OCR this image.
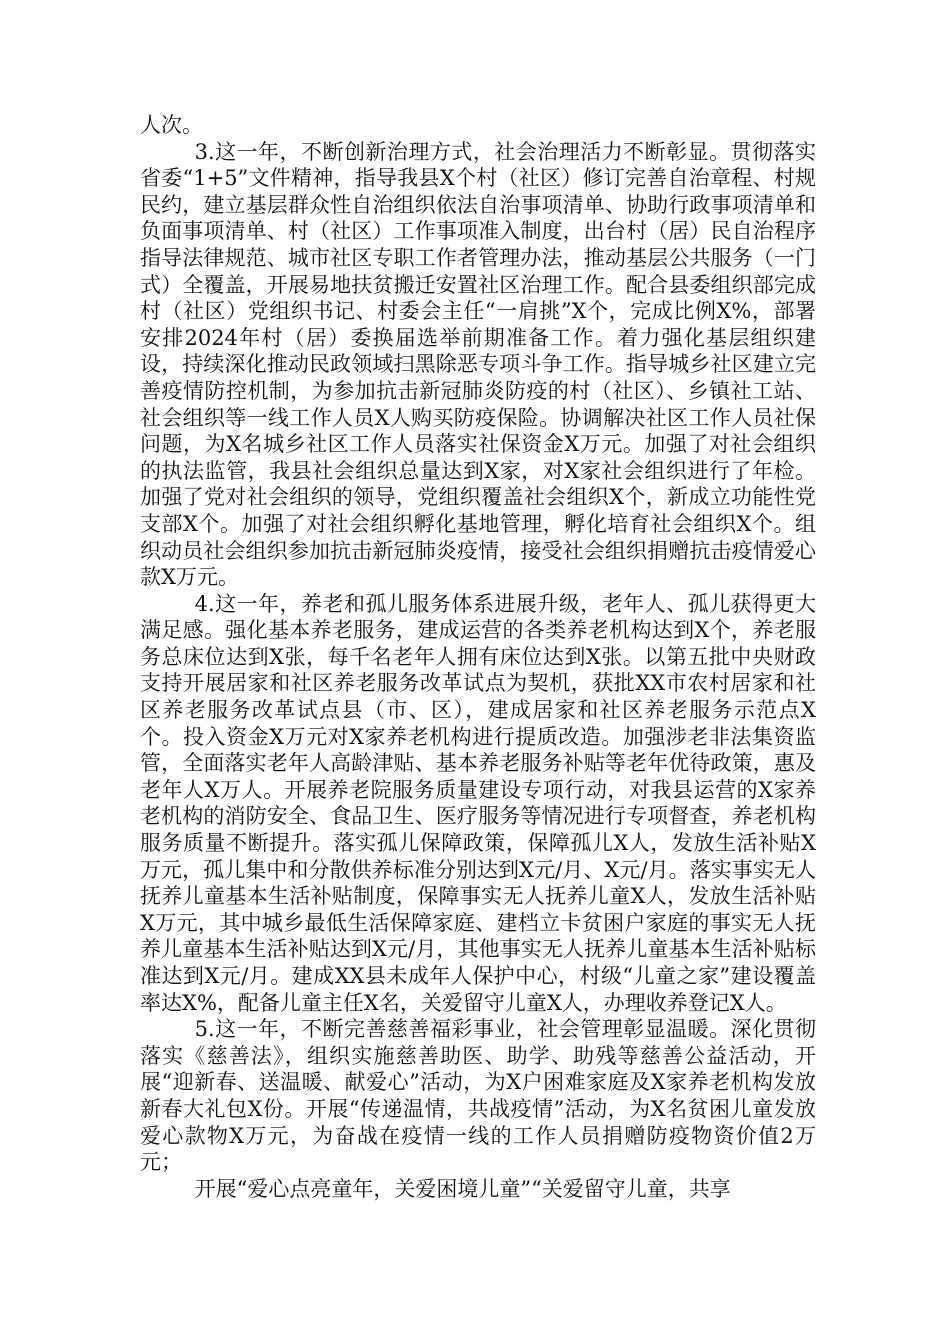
人次。

3.这一年，不断创新治理方式，社会治理活力不断彰显。贯彻落实省委“1+5”文件精神，指导我县X个村（社区）修订完善自治章程、村规民约，建立基层群众性自治组织依法自治事项清单、协助行政事项清单和负面事项清单、村（社区）工作事项准入制度，出台村（居）民自治程序指导法律规范、城市社区专职工作者管理办法，推动基层公共服务（一门式）全覆盖，开展易地扶贫搬迁安置社区治理工作。配合县委组织部完成村（社区）党组织书记、村委会主任“一肩挑”X个，完成比例X%，部署安排2024年村（居）委换届选举前期准备工作。着力强化基层组织建设，持续深化推动民政领域扫黑除恶专项斗争工作。指导城乡社区建立完善疫情防控机制，为参加抗击新冠肺炎防疫的村（社区）、乡镇社工站、社会组织等一线工作人员X人购买防疫保险。协调解决社区工作人员社保问题，为X名城乡社区工作人员落实社保资金X万元。加强了对社会组织的执法监管，我县社会组织总量达到X家，对X家社会组织进行了年检。加强了党对社会组织的领导，党组织覆盖社会组织X个，新成立功能性党支部X个。加强了对社会组织孵化基地管理，孵化培育社会组织X个。组织动员社会组织参加抗击新冠肺炎疫情，接受社会组织捐赠抗击疫情爱心款X万元。

4.这一年，养老和孤儿服务体系进展升级，老年人、孤儿获得更大满足感。强化基本养老服务，建成运营的各类养老机构达到X个，养老服务总床位达到X张，每千名老年人拥有床位达到X张。以第五批中央财政支持开展居家和社区养老服务改革试点为契机，获批XX市农村居家和社区养老服务改革试点县（市、区），建成居家和社区养老服务示范点X个。投入资金X万元对X家养老机构进行提质改造。加强涉老非法集资监管，全面落实老年人高龄津贴、基本养老服务补贴等老年优待政策，惠及老年人X万人。开展养老院服务质量建设专项行动，对我县运营的X家养老机构的消防安全、食品卫生、医疗服务等情况进行专项督查，养老机构服务质量不断提升。落实孤儿保障政策，保障孤儿X人，发放生活补贴X万元，孤儿集中和分散供养标准分别达到X元/月、X元/月。落实事实无人抚养儿童基本生活补贴制度，保障事实无人抚养儿童X人，发放生活补贴X万元，其中城乡最低生活保障家庭、建档立卡贫困户家庭的事实无人抚养儿童基本生活补贴达到X元/月，其他事实无人抚养儿童基本生活补贴标准达到X元/月。建成XX县未成年人保护中心，村级“儿童之家”建设覆盖率达X%，配备儿童主任X名，关爱留守儿童X人，办理收养登记X人。

5.这一年，不断完善慈善福彩事业，社会管理彰显温暖。深化贯彻落实《慈善法》，组织实施慈善助医、助学、助残等慈善公益活动，开展“迎新春、送温暖、献爱心”活动，为X户困难家庭及X家养老机构发放新春大礼包X份。开展“传递温情，共战疫情”活动，为X名贫困儿童发放爱心款物X万元，为奋战在疫情一线的工作人员捐赠防疫物资价值2万元；

开展“爱心点亮童年，关爱困境儿童”“关爱留守儿童，共享
